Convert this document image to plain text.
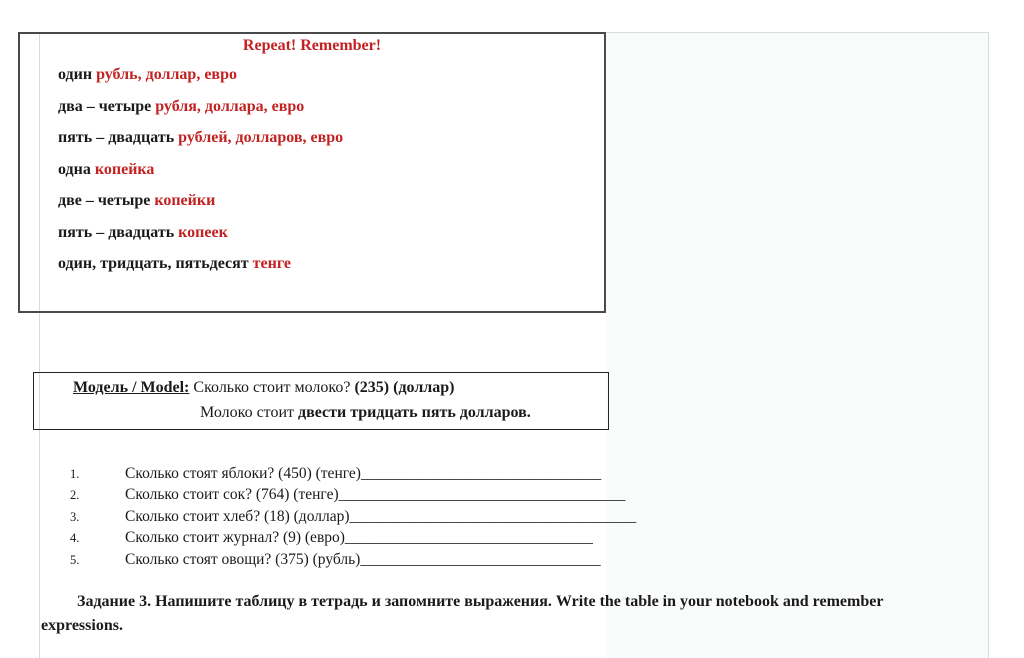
Repeat! Remember!
один рубль, доллар, евро
два – четыре рубля, доллара, евро
пять – двадцать рублей, долларов, евро
одна копейка
две – четыре копейки
пять – двадцать копеек
один, тридцать, пятьдесят тенге
Модель / Model: Сколько стоит молоко? (235) (доллар)
Молоко стоит двести тридцать пять долларов.
1.	Сколько стоят яблоки? (450) (тенге)_______________________________
2.	Сколько стоит сок? (764) (тенге)_____________________________________
3.	Сколько стоит хлеб? (18) (доллар)_____________________________________
4.	Сколько стоит журнал? (9) (евро)________________________________
5.	Сколько стоят овощи? (375) (рубль)_______________________________
Задание 3. Напишите таблицу в тетрадь и запомните выражения. Write the table in your notebook and remember expressions.
